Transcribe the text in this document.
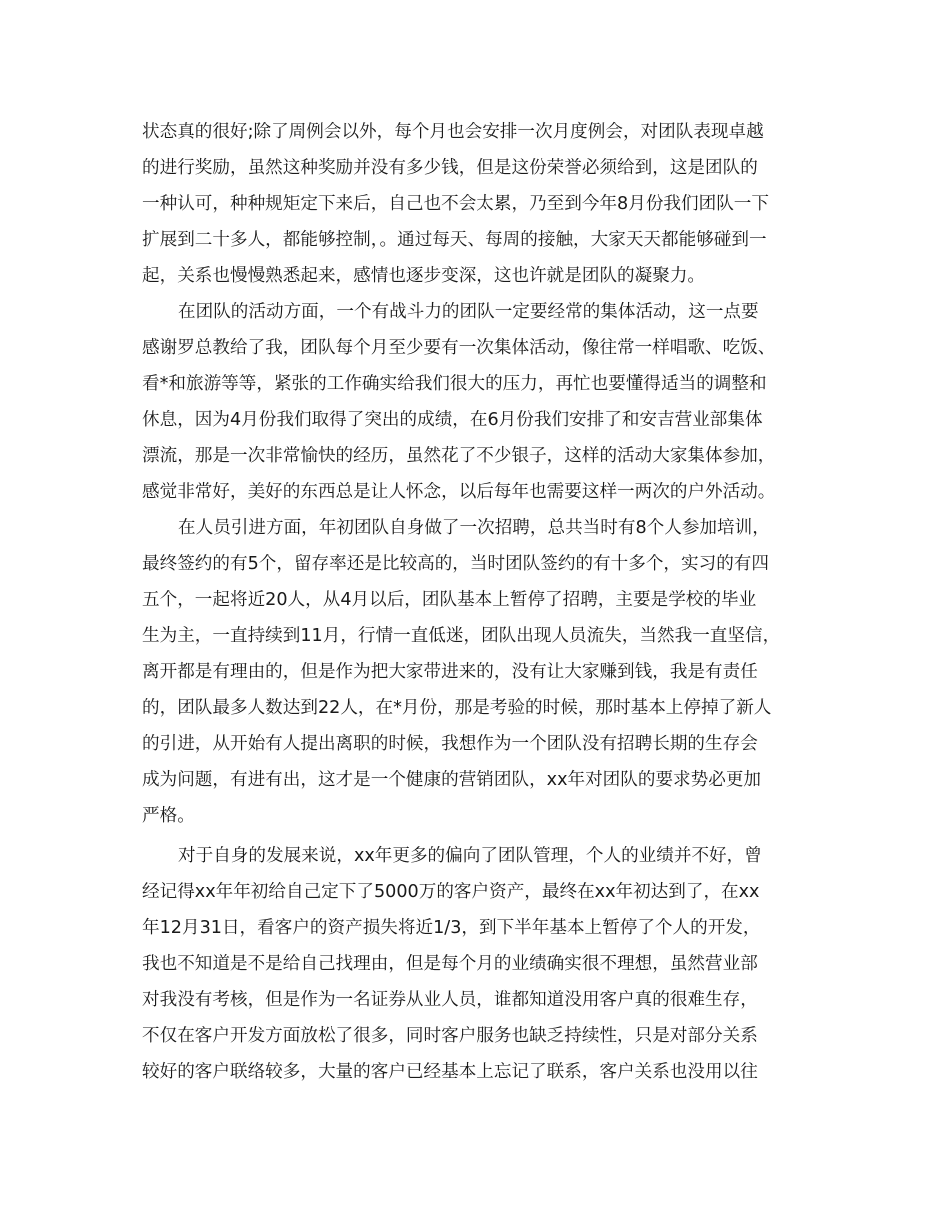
状态真的很好;除了周例会以外，每个月也会安排一次月度例会，对团队表现卓越
的进行奖励，虽然这种奖励并没有多少钱，但是这份荣誉必须给到，这是团队的
一种认可，种种规矩定下来后，自己也不会太累，乃至到今年8月份我们团队一下
扩展到二十多人，都能够控制，。通过每天、每周的接触，大家天天都能够碰到一
起，关系也慢慢熟悉起来，感情也逐步变深，这也许就是团队的凝聚力。
在团队的活动方面，一个有战斗力的团队一定要经常的集体活动，这一点要
感谢罗总教给了我，团队每个月至少要有一次集体活动，像往常一样唱歌、吃饭、
看*和旅游等等，紧张的工作确实给我们很大的压力，再忙也要懂得适当的调整和
休息，因为4月份我们取得了突出的成绩，在6月份我们安排了和安吉营业部集体
漂流，那是一次非常愉快的经历，虽然花了不少银子，这样的活动大家集体参加，
感觉非常好，美好的东西总是让人怀念，以后每年也需要这样一两次的户外活动。
在人员引进方面，年初团队自身做了一次招聘，总共当时有8个人参加培训，
最终签约的有5个，留存率还是比较高的，当时团队签约的有十多个，实习的有四
五个，一起将近20人，从4月以后，团队基本上暂停了招聘，主要是学校的毕业
生为主，一直持续到11月，行情一直低迷，团队出现人员流失，当然我一直坚信，
离开都是有理由的，但是作为把大家带进来的，没有让大家赚到钱，我是有责任
的，团队最多人数达到22人，在*月份，那是考验的时候，那时基本上停掉了新人
的引进，从开始有人提出离职的时候，我想作为一个团队没有招聘长期的生存会
成为问题，有进有出，这才是一个健康的营销团队，xx年对团队的要求势必更加
严格。
对于自身的发展来说，xx年更多的偏向了团队管理，个人的业绩并不好，曾
经记得xx年年初给自己定下了5000万的客户资产，最终在xx年初达到了，在xx
年12月31日，看客户的资产损失将近1/3，到下半年基本上暂停了个人的开发，
我也不知道是不是给自己找理由，但是每个月的业绩确实很不理想，虽然营业部
对我没有考核，但是作为一名证券从业人员，谁都知道没用客户真的很难生存，
不仅在客户开发方面放松了很多，同时客户服务也缺乏持续性，只是对部分关系
较好的客户联络较多，大量的客户已经基本上忘记了联系，客户关系也没用以往
